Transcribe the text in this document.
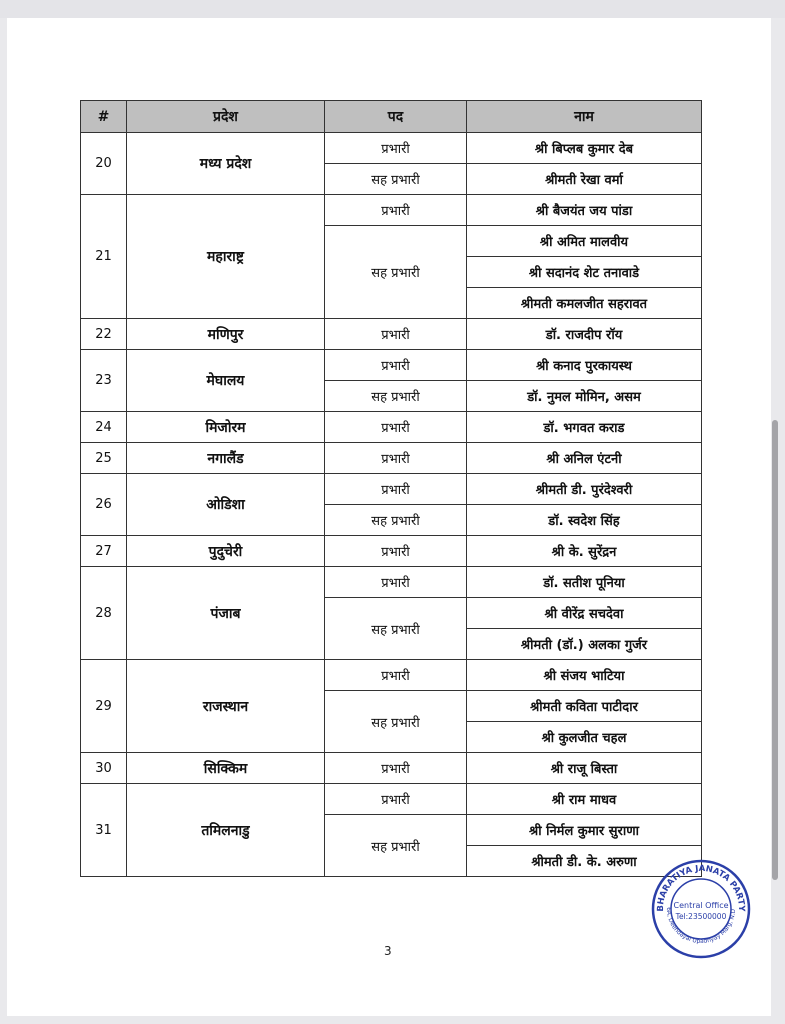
#	प्रदेश	पद	नाम
20	मध्य प्रदेश	प्रभारी	श्री बिप्लब कुमार देब
		सह प्रभारी	श्रीमती रेखा वर्मा
21	महाराष्ट्र	प्रभारी	श्री बैजयंत जय पांडा
		सह प्रभारी	श्री अमित मालवीय
			श्री सदानंद शेट तनावाडे
			श्रीमती कमलजीत सहरावत
22	मणिपुर	प्रभारी	डॉ. राजदीप रॉय
23	मेघालय	प्रभारी	श्री कनाद पुरकायस्थ
		सह प्रभारी	डॉ. नुमल मोमिन, असम
24	मिजोरम	प्रभारी	डॉ. भगवत कराड
25	नगालैंड	प्रभारी	श्री अनिल एंटनी
26	ओडिशा	प्रभारी	श्रीमती डी. पुरंदेश्वरी
		सह प्रभारी	डॉ. स्वदेश सिंह
27	पुदुचेरी	प्रभारी	श्री के. सुरेंद्रन
28	पंजाब	प्रभारी	डॉ. सतीश पूनिया
		सह प्रभारी	श्री वीरेंद्र सचदेवा
			श्रीमती (डॉ.) अलका गुर्जर
29	राजस्थान	प्रभारी	श्री संजय भाटिया
		सह प्रभारी	श्रीमती कविता पाटीदार
			श्री कुलजीत चहल
30	सिक्किम	प्रभारी	श्री राजू बिस्ता
31	तमिलनाडु	प्रभारी	श्री राम माधव
		सह प्रभारी	श्री निर्मल कुमार सुराणा
			श्रीमती डी. के. अरुणा
3
BHARATIYA JANATA PARTY
6A, Deendayal Upadhyay Marg, N.D
Central Office
Tel:23500000
